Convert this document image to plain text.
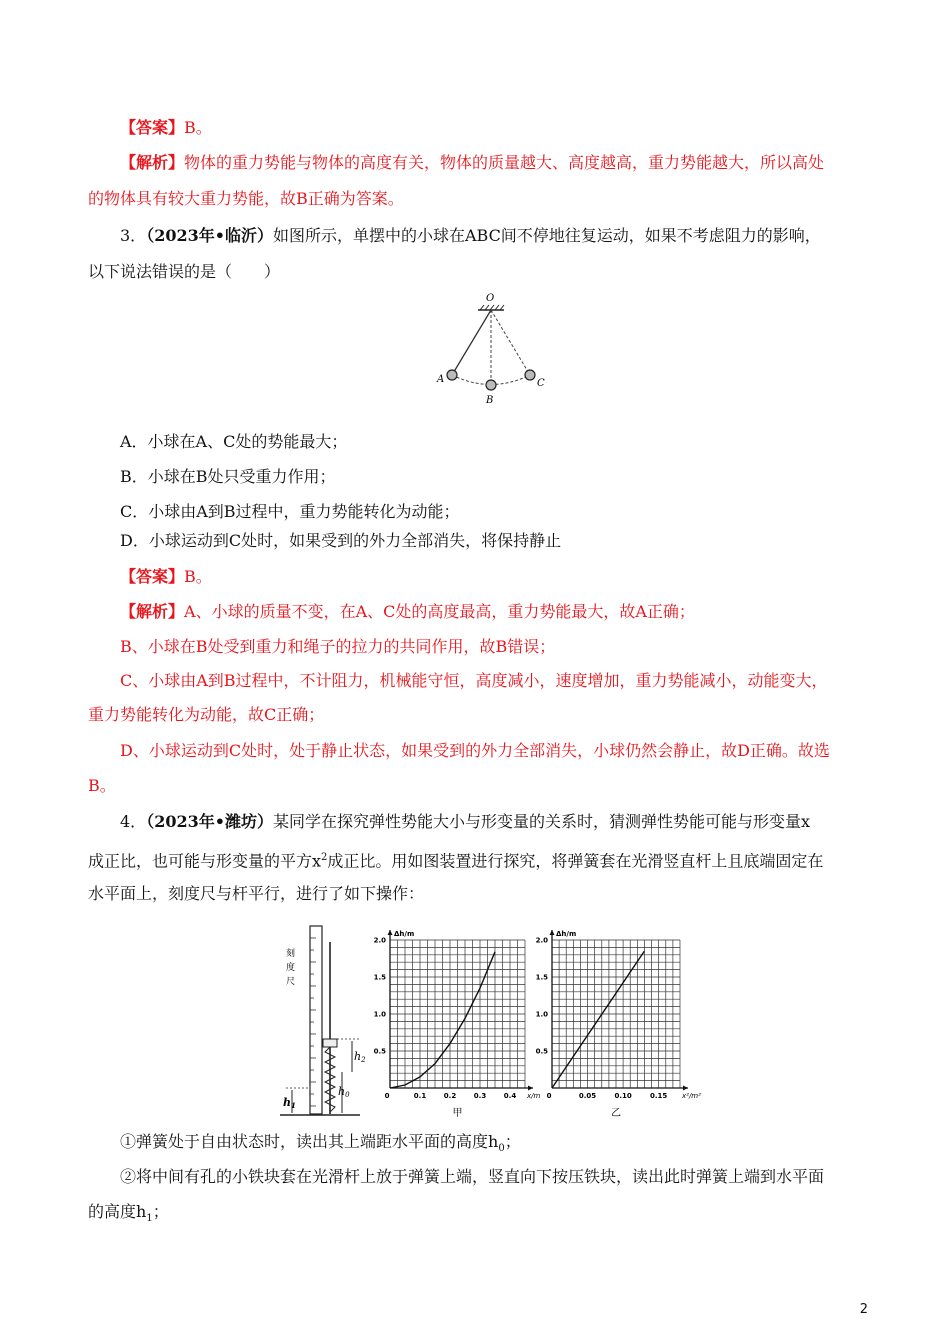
【答案】B。
【解析】物体的重力势能与物体的高度有关，物体的质量越大、高度越高，重力势能越大，所以高处
的物体具有较大重力势能，故B正确为答案。
3．（2023年•临沂）如图所示，单摆中的小球在ABC间不停地往复运动，如果不考虑阻力的影响，
以下说法错误的是（　　）
O
A
B
C
A．小球在A、C处的势能最大；
B．小球在B处只受重力作用；
C．小球由A到B过程中，重力势能转化为动能；
D．小球运动到C处时，如果受到的外力全部消失，将保持静止
【答案】B。
【解析】A、小球的质量不变，在A、C处的高度最高，重力势能最大，故A正确；
B、小球在B处受到重力和绳子的拉力的共同作用，故B错误；
C、小球由A到B过程中，不计阻力，机械能守恒，高度减小，速度增加，重力势能减小，动能变大，
重力势能转化为动能，故C正确；
D、小球运动到C处时，处于静止状态，如果受到的外力全部消失，小球仍然会静止，故D正确。故选
B。
4．（2023年•潍坊）某同学在探究弹性势能大小与形变量的关系时，猜测弹性势能可能与形变量x
成正比，也可能与形变量的平方$x^2$成正比。用如图装置进行探究，将弹簧套在光滑竖直杆上且底端固定在
水平面上，刻度尺与杆平行，进行了如下操作：
刻
度
尺
h1
h0
h2
Δh/m
x/m
0.5
1.0
1.5
2.0
0	0.1	0.2	0.3	0.4
甲
Δh/m
x²/m²
0.5
1.0
1.5
2.0
0	0.05	0.10	0.15
乙
①弹簧处于自由状态时，读出其上端距水平面的高度$h_0$；
②将中间有孔的小铁块套在光滑杆上放于弹簧上端，竖直向下按压铁块，读出此时弹簧上端到水平面
的高度$h_1$；
2
